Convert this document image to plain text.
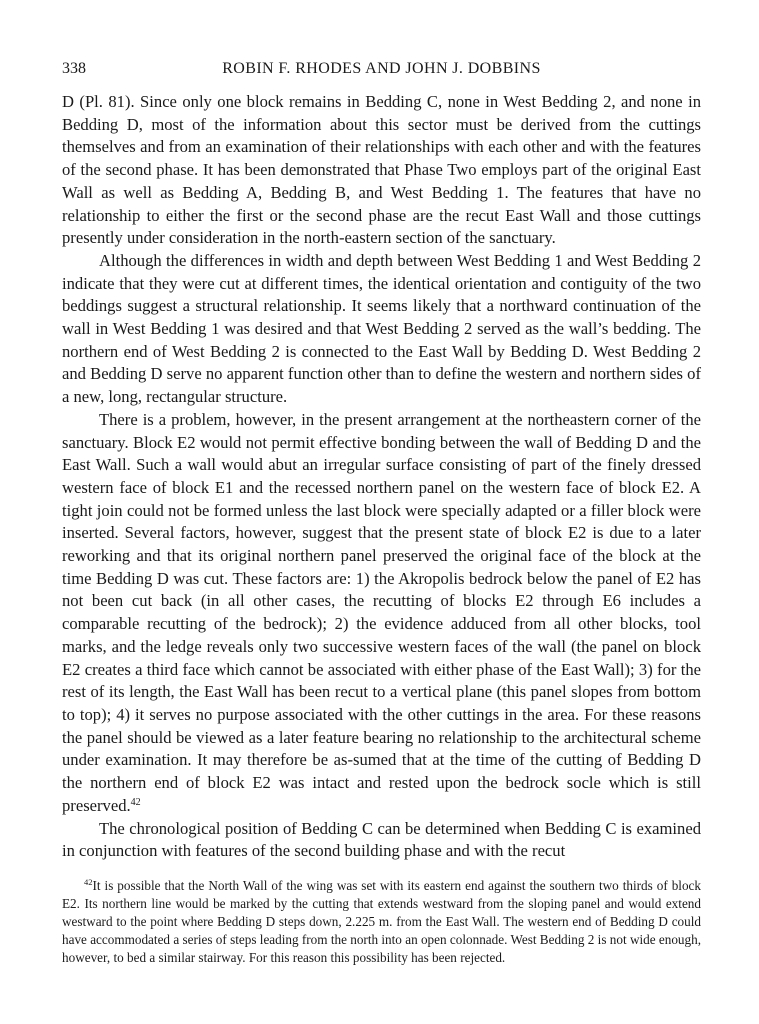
338	ROBIN F. RHODES AND JOHN J. DOBBINS

D (Pl. 81). Since only one block remains in Bedding C, none in West Bedding 2, and none in Bedding D, most of the information about this sector must be derived from the cuttings themselves and from an examination of their relationships with each other and with the features of the second phase. It has been demonstrated that Phase Two employs part of the original East Wall as well as Bedding A, Bedding B, and West Bedding 1. The features that have no relationship to either the first or the second phase are the recut East Wall and those cuttings presently under consideration in the north-eastern section of the sanctuary.

Although the differences in width and depth between West Bedding 1 and West Bedding 2 indicate that they were cut at different times, the identical orientation and contiguity of the two beddings suggest a structural relationship. It seems likely that a northward continuation of the wall in West Bedding 1 was desired and that West Bedding 2 served as the wall’s bedding. The northern end of West Bedding 2 is connected to the East Wall by Bedding D. West Bedding 2 and Bedding D serve no apparent function other than to define the western and northern sides of a new, long, rectangular structure.

There is a problem, however, in the present arrangement at the northeastern corner of the sanctuary. Block E2 would not permit effective bonding between the wall of Bedding D and the East Wall. Such a wall would abut an irregular surface consisting of part of the finely dressed western face of block E1 and the recessed northern panel on the western face of block E2. A tight join could not be formed unless the last block were specially adapted or a filler block were inserted. Several factors, however, suggest that the present state of block E2 is due to a later reworking and that its original northern panel preserved the original face of the block at the time Bedding D was cut. These factors are: 1) the Akropolis bedrock below the panel of E2 has not been cut back (in all other cases, the recutting of blocks E2 through E6 includes a comparable recutting of the bedrock); 2) the evidence adduced from all other blocks, tool marks, and the ledge reveals only two successive western faces of the wall (the panel on block E2 creates a third face which cannot be associated with either phase of the East Wall); 3) for the rest of its length, the East Wall has been recut to a vertical plane (this panel slopes from bottom to top); 4) it serves no purpose associated with the other cuttings in the area. For these reasons the panel should be viewed as a later feature bearing no relationship to the architectural scheme under examination. It may therefore be as-sumed that at the time of the cutting of Bedding D the northern end of block E2 was intact and rested upon the bedrock socle which is still preserved.$^{42}$

The chronological position of Bedding C can be determined when Bedding C is examined in conjunction with features of the second building phase and with the recut

$^{42}$It is possible that the North Wall of the wing was set with its eastern end against the southern two thirds of block E2. Its northern line would be marked by the cutting that extends westward from the sloping panel and would extend westward to the point where Bedding D steps down, 2.225 m. from the East Wall. The western end of Bedding D could have accommodated a series of steps leading from the north into an open colonnade. West Bedding 2 is not wide enough, however, to bed a similar stairway. For this reason this possibility has been rejected.
